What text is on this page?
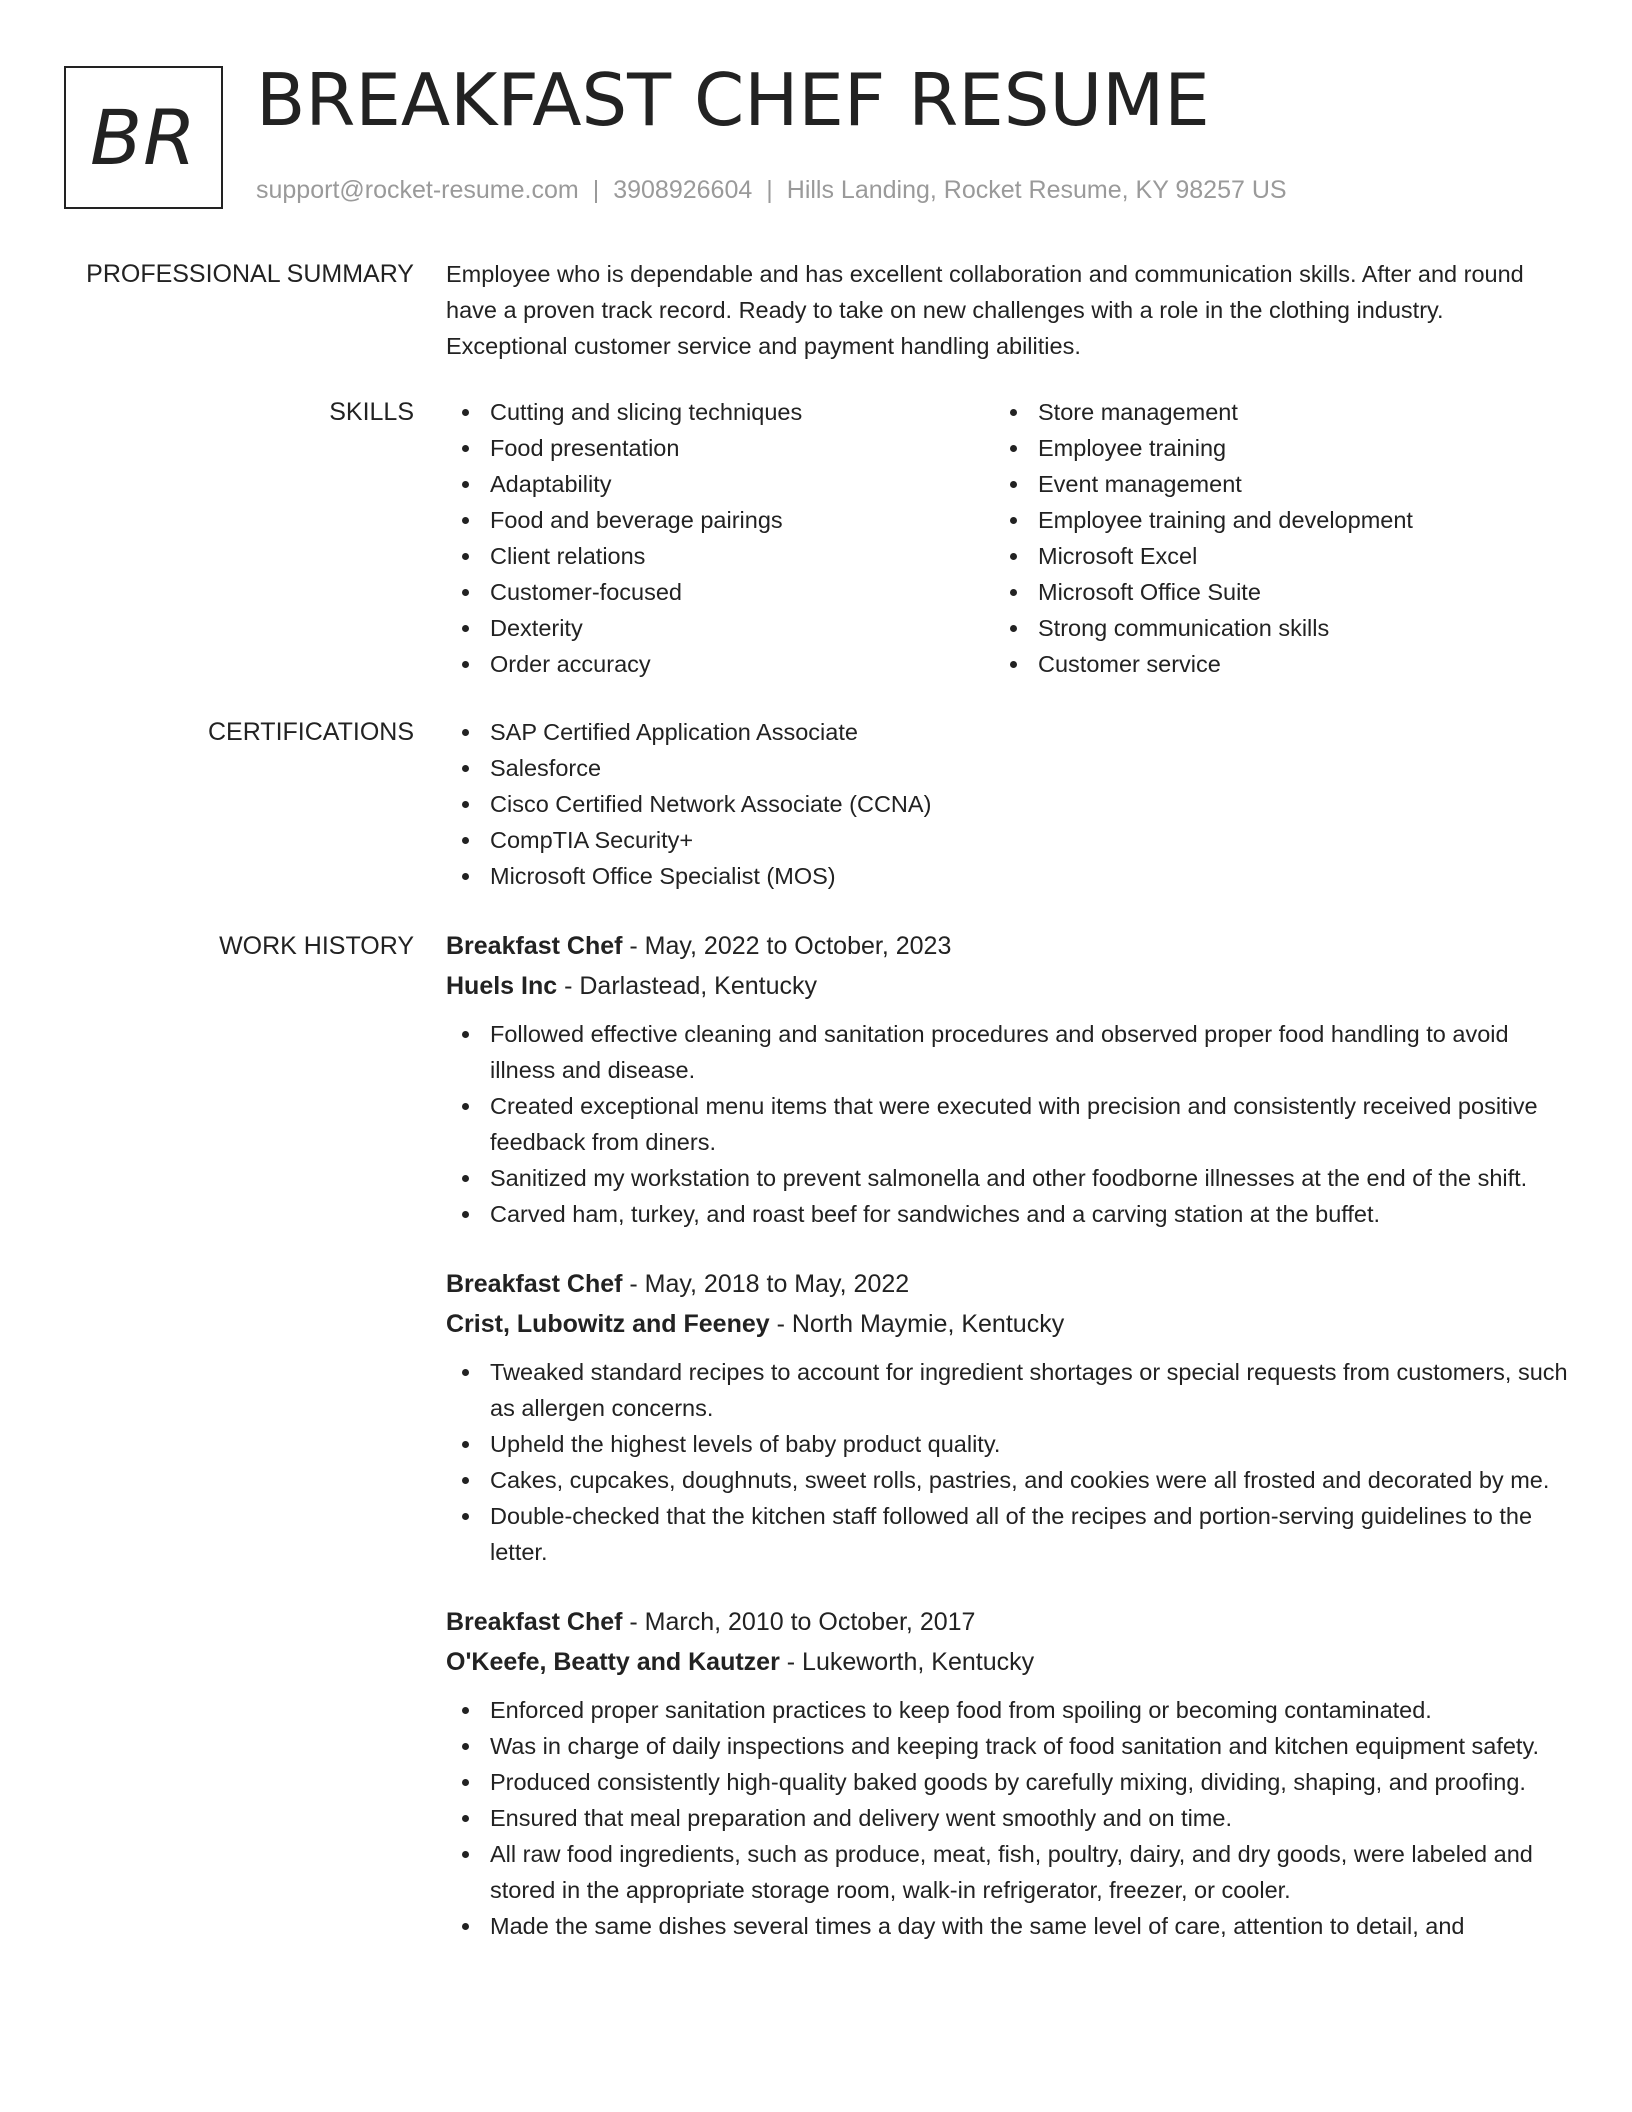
BR BREAKFAST CHEF RESUME
support@rocket-resume.com | 3908926604 | Hills Landing, Rocket Resume, KY 98257 US
PROFESSIONAL SUMMARY Employee who is dependable and has excellent collaboration and communication skills. After and round have a proven track record. Ready to take on new challenges with a role in the clothing industry. Exceptional customer service and payment handling abilities.
SKILLS	Cutting and slicing techniques
Food presentation
Adaptability
Food and beverage pairings
Client relations
Customer-focused
Dexterity
Order accuracy
Store management
Employee training
Event management
Employee training and development
Microsoft Excel
Microsoft Office Suite
Strong communication skills
Customer service
CERTIFICATIONS	SAP Certified Application Associate
Salesforce
Cisco Certified Network Associate (CCNA)
CompTIA Security+
Microsoft Office Specialist (MOS)
WORK HISTORY Breakfast Chef - May, 2022 to October, 2023
Huels Inc - Darlastead, Kentucky
Followed effective cleaning and sanitation procedures and observed proper food handling to avoid illness and disease.
Created exceptional menu items that were executed with precision and consistently received positive feedback from diners.
Sanitized my workstation to prevent salmonella and other foodborne illnesses at the end of the shift.
Carved ham, turkey, and roast beef for sandwiches and a carving station at the buffet.
Breakfast Chef - May, 2018 to May, 2022
Crist, Lubowitz and Feeney - North Maymie, Kentucky
Tweaked standard recipes to account for ingredient shortages or special requests from customers, such as allergen concerns.
Upheld the highest levels of baby product quality.
Cakes, cupcakes, doughnuts, sweet rolls, pastries, and cookies were all frosted and decorated by me.
Double-checked that the kitchen staff followed all of the recipes and portion-serving guidelines to the letter.
Breakfast Chef - March, 2010 to October, 2017
O'Keefe, Beatty and Kautzer - Lukeworth, Kentucky
Enforced proper sanitation practices to keep food from spoiling or becoming contaminated.
Was in charge of daily inspections and keeping track of food sanitation and kitchen equipment safety.
Produced consistently high-quality baked goods by carefully mixing, dividing, shaping, and proofing.
Ensured that meal preparation and delivery went smoothly and on time.
All raw food ingredients, such as produce, meat, fish, poultry, dairy, and dry goods, were labeled and stored in the appropriate storage room, walk-in refrigerator, freezer, or cooler.
Made the same dishes several times a day with the same level of care, attention to detail, and
